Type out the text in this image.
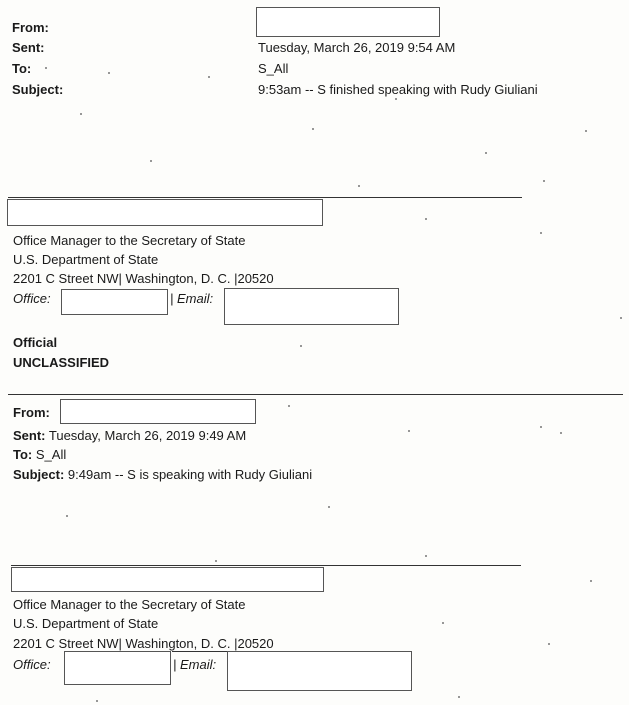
From:
Sent:
To:
Subject:
Tuesday, March 26, 2019 9:54 AM
S_All
9:53am -- S finished speaking with Rudy Giuliani
Office Manager to the Secretary of State
U.S. Department of State
2201 C Street NW| Washington, D. C. |20520
Office:	| Email:
Official
UNCLASSIFIED
From:
Sent: Tuesday, March 26, 2019 9:49 AM
To: S_All
Subject: 9:49am -- S is speaking with Rudy Giuliani
Office Manager to the Secretary of State
U.S. Department of State
2201 C Street NW| Washington, D. C. |20520
Office:	| Email:
